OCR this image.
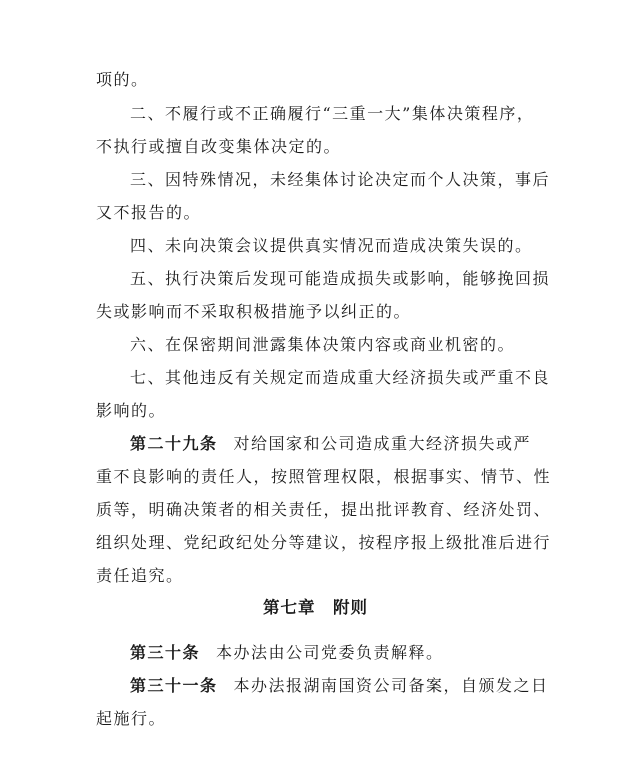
项的。
二、不履行或不正确履行“三重一大”集体决策程序，
不执行或擅自改变集体决定的。
三、因特殊情况，未经集体讨论决定而个人决策，事后
又不报告的。
四、未向决策会议提供真实情况而造成决策失误的。
五、执行决策后发现可能造成损失或影响，能够挽回损
失或影响而不采取积极措施予以纠正的。
六、在保密期间泄露集体决策内容或商业机密的。
七、其他违反有关规定而造成重大经济损失或严重不良
影响的。
第二十九条 对给国家和公司造成重大经济损失或严
重不良影响的责任人，按照管理权限，根据事实、情节、性
质等，明确决策者的相关责任，提出批评教育、经济处罚、
组织处理、党纪政纪处分等建议，按程序报上级批准后进行
责任追究。
第七章　附则
第三十条 本办法由公司党委负责解释。
第三十一条 本办法报湖南国资公司备案，自颁发之日
起施行。
